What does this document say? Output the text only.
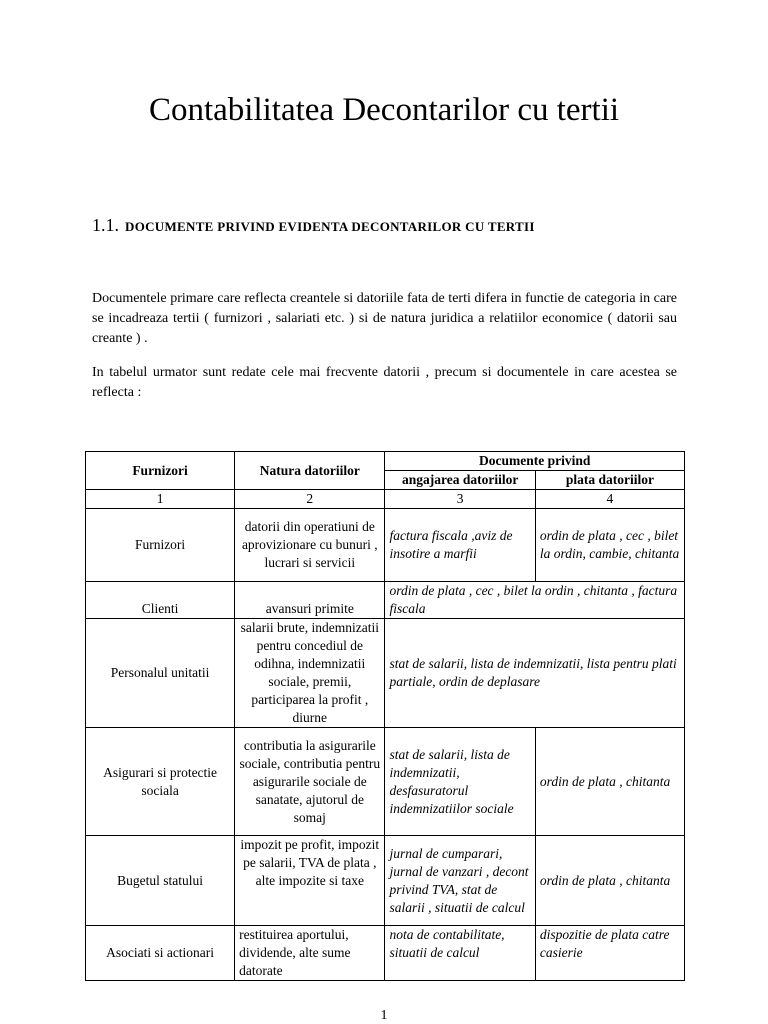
Contabilitatea Decontarilor cu tertii
1.1. DOCUMENTE PRIVIND EVIDENTA DECONTARILOR CU TERTII

Documentele primare care reflecta creantele si datoriile fata de terti difera in functie de categoria in care se incadreaza tertii ( furnizori , salariati etc. ) si de natura juridica a relatiilor economice ( datorii sau creante ) .

In tabelul urmator sunt redate cele mai frecvente datorii , precum si documentele in care acestea se reflecta :

Furnizori	Natura datoriilor	Documente privind	
		angajarea datoriilor	plata datoriilor
1	2	3	4
Furnizori	datorii din operatiuni de aprovizionare cu bunuri , lucrari si servicii	factura fiscala ,aviz de insotire a marfii	ordin de plata , cec , bilet la ordin, cambie, chitanta
Clienti	avansuri primite	ordin de plata , cec , bilet la ordin , chitanta , factura fiscala	
Personalul unitatii	salarii brute, indemnizatii pentru concediul de odihna, indemnizatii sociale, premii, participarea la profit , diurne	stat de salarii, lista de indemnizatii, lista pentru plati partiale, ordin de deplasare	
Asigurari si protectie sociala	contributia la asigurarile sociale, contributia pentru asigurarile sociale de sanatate, ajutorul de somaj	stat de salarii, lista de indemnizatii, desfasuratorul indemnizatiilor sociale	ordin de plata , chitanta
Bugetul statului	impozit pe profit, impozit pe salarii, TVA de plata , alte impozite si taxe	jurnal de cumparari, jurnal de vanzari , decont privind TVA, stat de salarii , situatii de calcul	ordin de plata , chitanta
Asociati si actionari	restituirea aportului, dividende, alte sume datorate	nota de contabilitate, situatii de calcul	dispozitie de plata catre casierie
1
